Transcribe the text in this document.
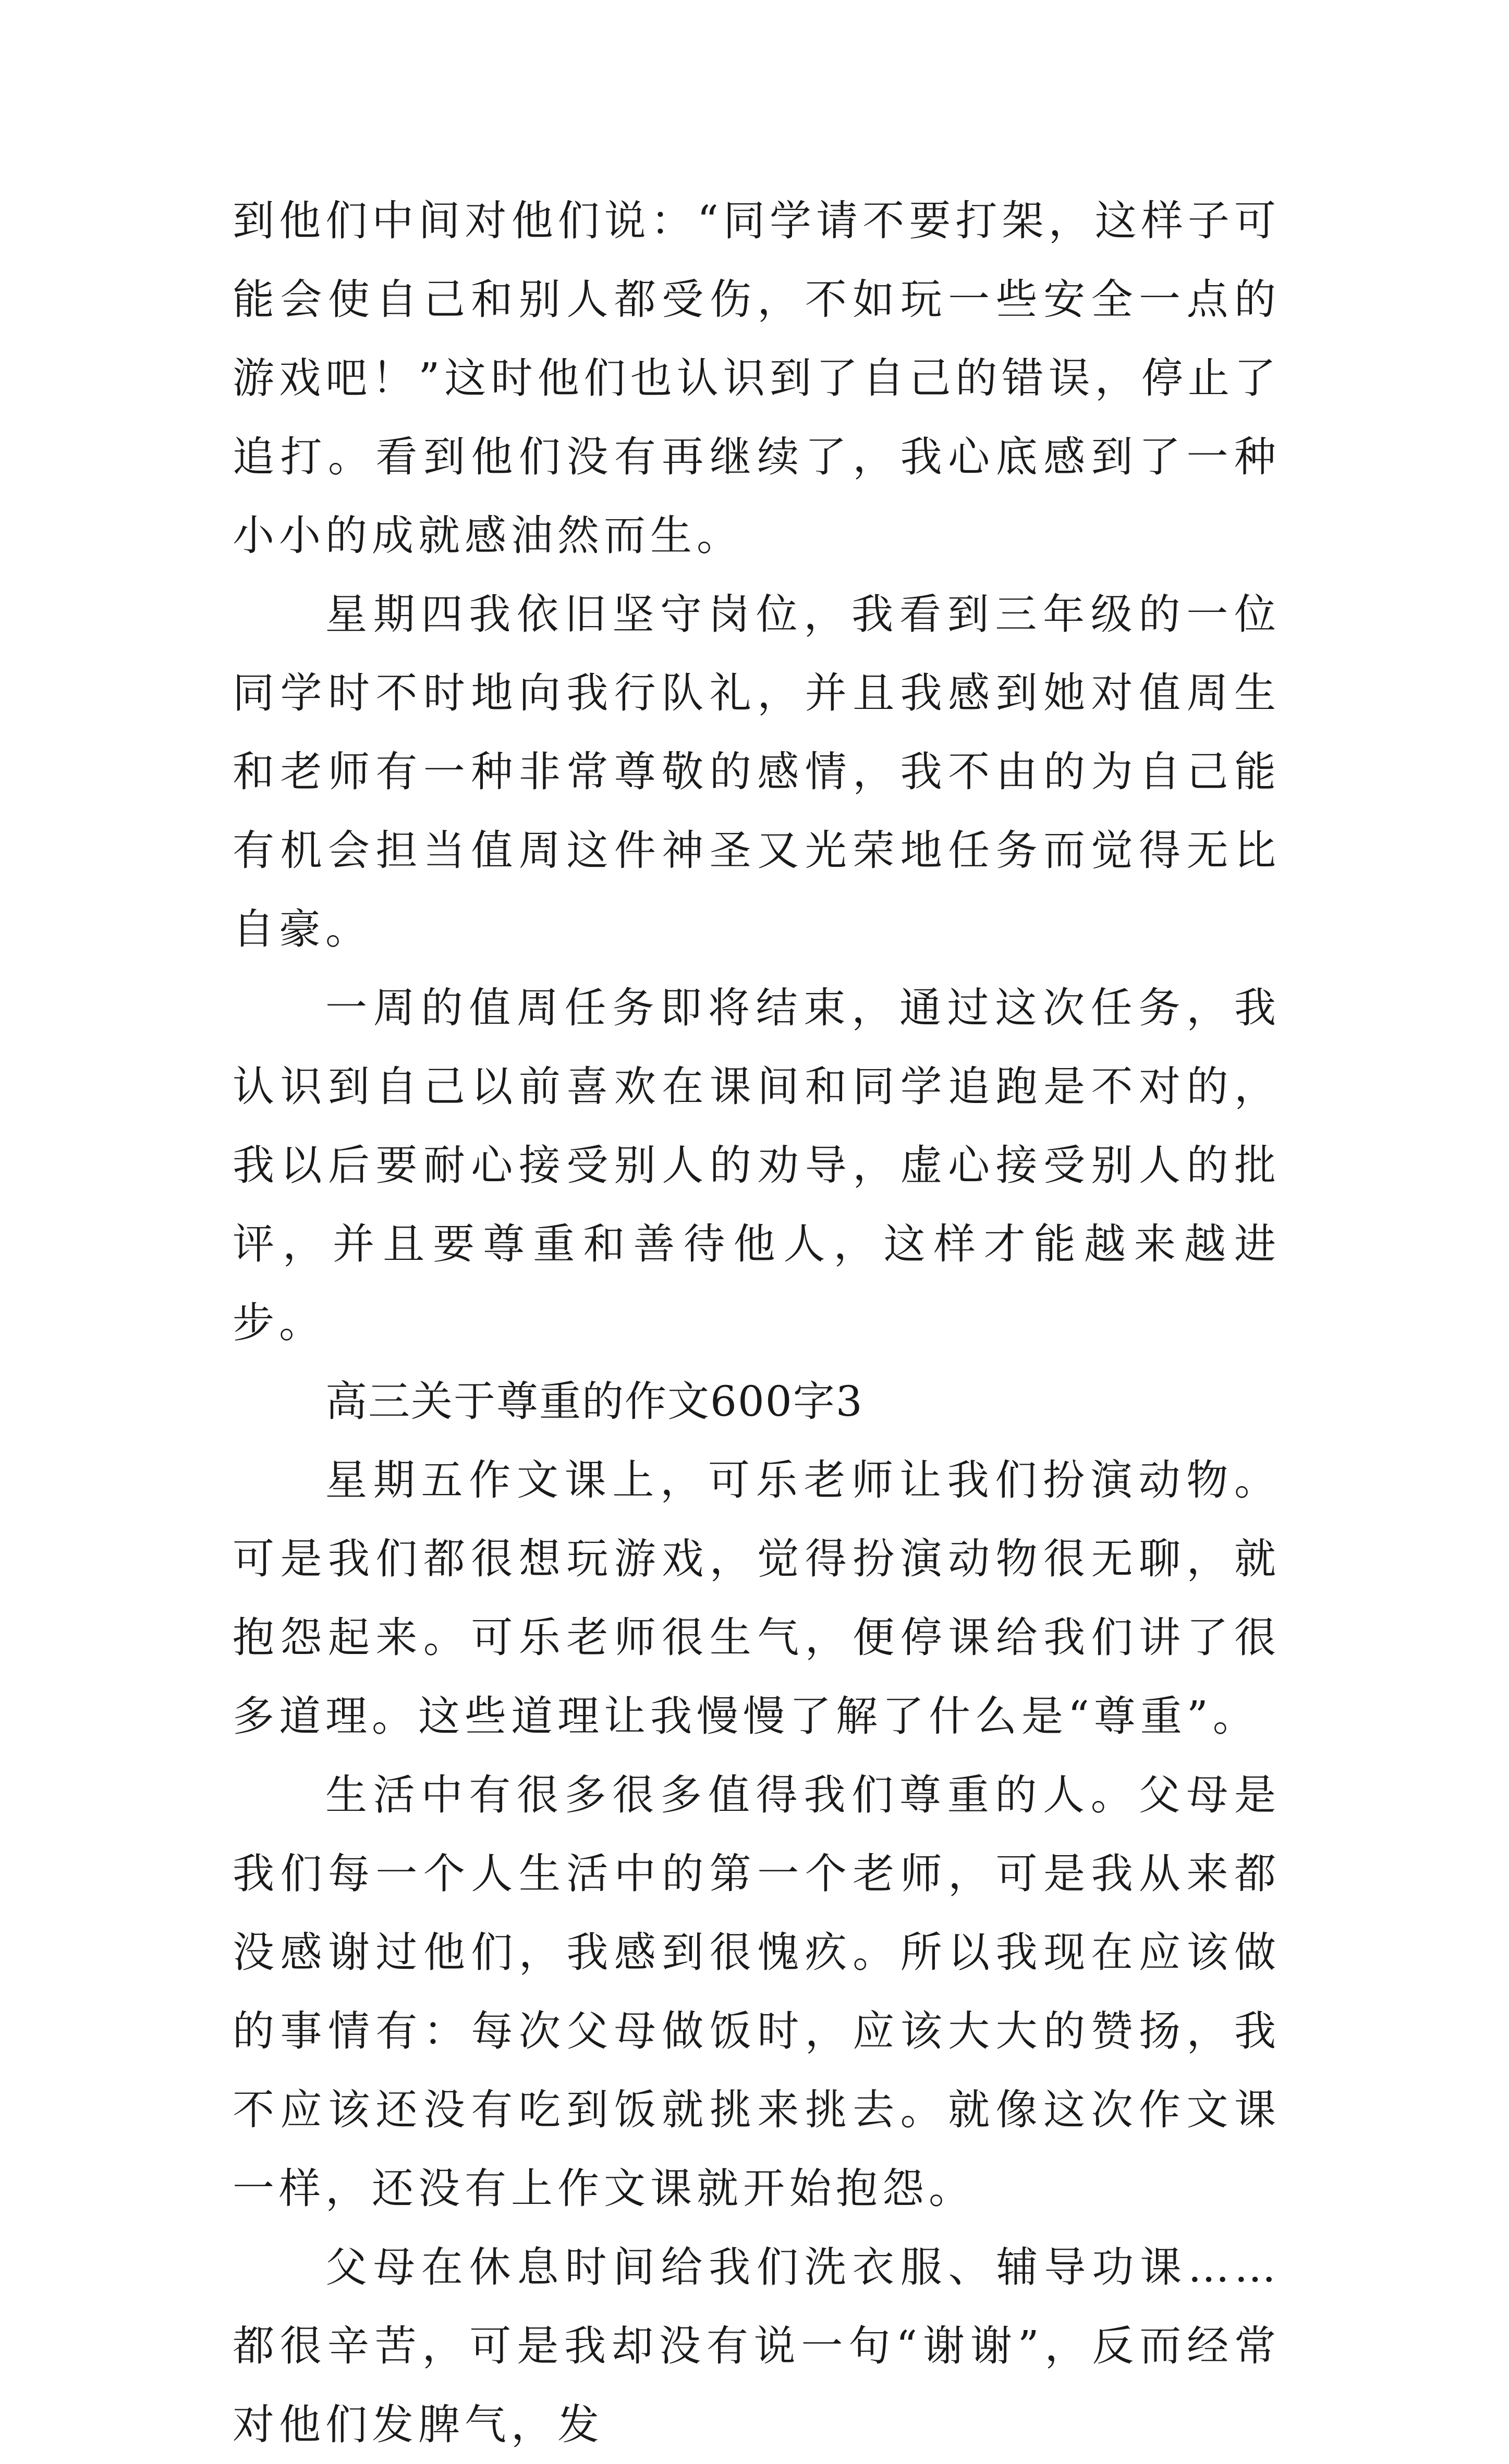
到他们中间对他们说：“同学请不要打架，这样子可能会使自己和别人都受伤，不如玩一些安全一点的游戏吧！”这时他们也认识到了自己的错误，停止了追打。看到他们没有再继续了，我心底感到了一种小小的成就感油然而生。

星期四我依旧坚守岗位，我看到三年级的一位同学时不时地向我行队礼，并且我感到她对值周生和老师有一种非常尊敬的感情，我不由的为自己能有机会担当值周这件神圣又光荣地任务而觉得无比自豪。

一周的值周任务即将结束，通过这次任务，我认识到自己以前喜欢在课间和同学追跑是不对的，我以后要耐心接受别人的劝导，虚心接受别人的批评，并且要尊重和善待他人，这样才能越来越进步。

高三关于尊重的作文600字3

星期五作文课上，可乐老师让我们扮演动物。可是我们都很想玩游戏，觉得扮演动物很无聊，就抱怨起来。可乐老师很生气，便停课给我们讲了很多道理。这些道理让我慢慢了解了什么是“尊重”。

生活中有很多很多值得我们尊重的人。父母是我们每一个人生活中的第一个老师，可是我从来都没感谢过他们，我感到很愧疚。所以我现在应该做的事情有：每次父母做饭时，应该大大的赞扬，我不应该还没有吃到饭就挑来挑去。就像这次作文课一样，还没有上作文课就开始抱怨。

父母在休息时间给我们洗衣服、辅导功课……都很辛苦，可是我却没有说一句“谢谢”，反而经常对他们发脾气，发
